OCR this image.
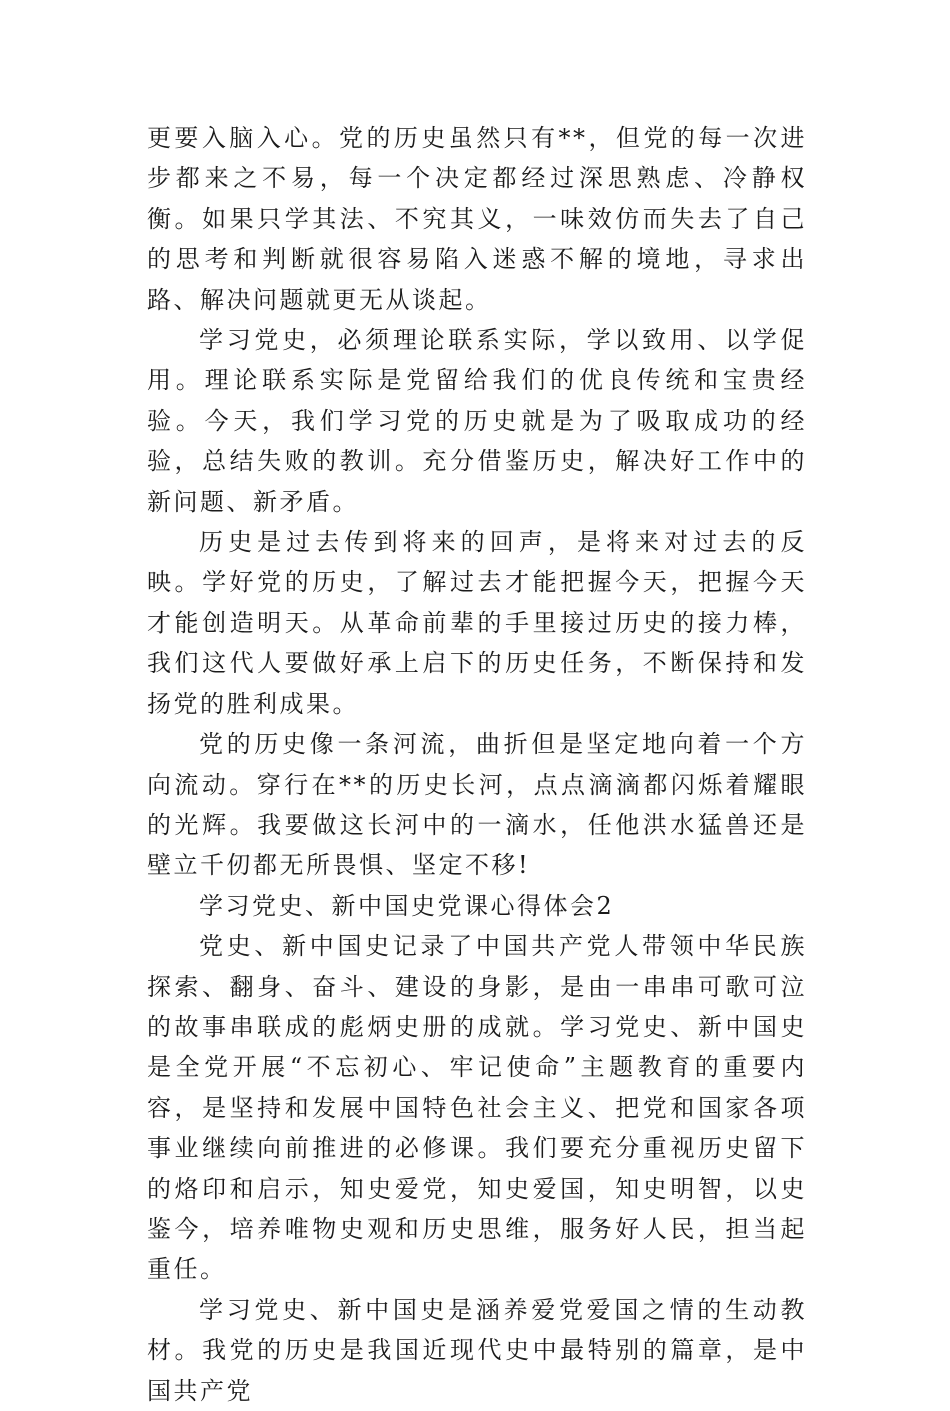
更要入脑入心。党的历史虽然只有**，但党的每一次进步都来之不易，每一个决定都经过深思熟虑、冷静权衡。如果只学其法、不究其义，一味效仿而失去了自己的思考和判断就很容易陷入迷惑不解的境地，寻求出路、解决问题就更无从谈起。

学习党史，必须理论联系实际，学以致用、以学促用。理论联系实际是党留给我们的优良传统和宝贵经验。今天，我们学习党的历史就是为了吸取成功的经验，总结失败的教训。充分借鉴历史，解决好工作中的新问题、新矛盾。

历史是过去传到将来的回声，是将来对过去的反映。学好党的历史，了解过去才能把握今天，把握今天才能创造明天。从革命前辈的手里接过历史的接力棒，我们这代人要做好承上启下的历史任务，不断保持和发扬党的胜利成果。

党的历史像一条河流，曲折但是坚定地向着一个方向流动。穿行在**的历史长河，点点滴滴都闪烁着耀眼的光辉。我要做这长河中的一滴水，任他洪水猛兽还是壁立千仞都无所畏惧、坚定不移!

学习党史、新中国史党课心得体会2

党史、新中国史记录了中国共产党人带领中华民族探索、翻身、奋斗、建设的身影，是由一串串可歌可泣的故事串联成的彪炳史册的成就。学习党史、新中国史是全党开展“不忘初心、牢记使命”主题教育的重要内容，是坚持和发展中国特色社会主义、把党和国家各项事业继续向前推进的必修课。我们要充分重视历史留下的烙印和启示，知史爱党，知史爱国，知史明智，以史鉴今，培养唯物史观和历史思维，服务好人民，担当起重任。

学习党史、新中国史是涵养爱党爱国之情的生动教材。我党的历史是我国近现代史中最特别的篇章，是中国共产党
